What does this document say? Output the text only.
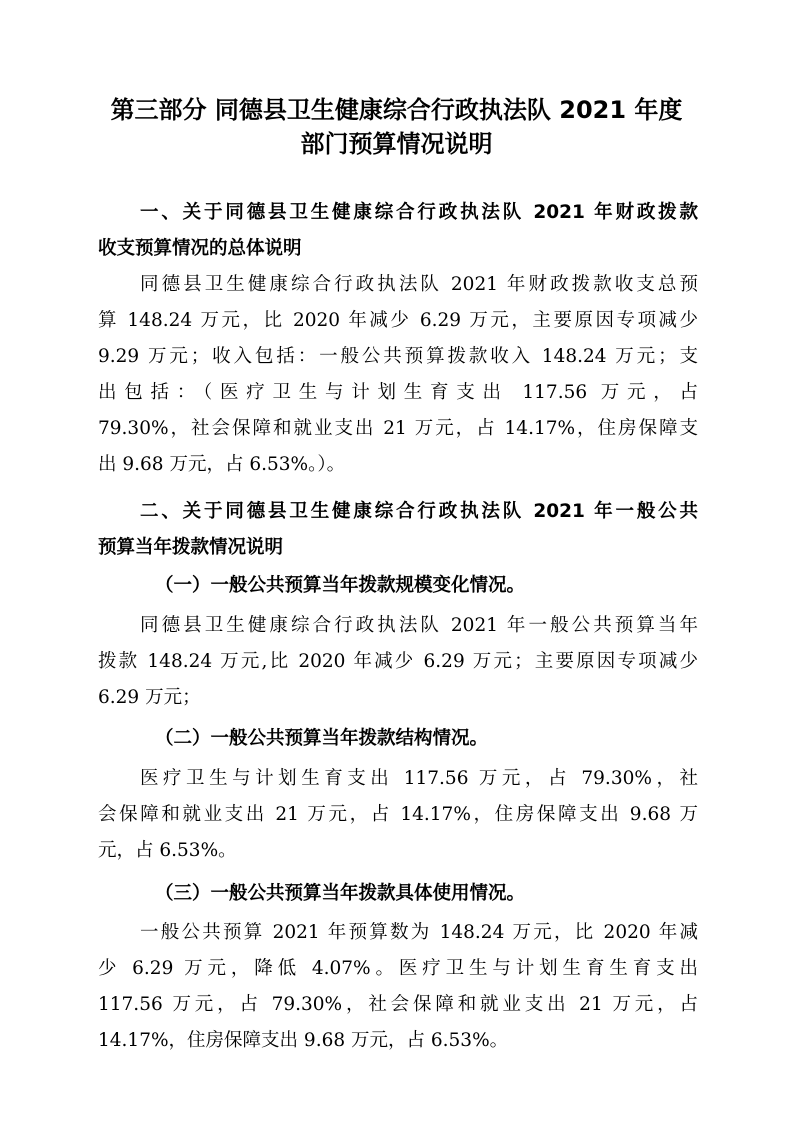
第三部分 同德县卫生健康综合行政执法队 2021 年度
部门预算情况说明
一、关于同德县卫生健康综合行政执法队 2021 年财政拨款
收支预算情况的总体说明
同德县卫生健康综合行政执法队 2021 年财政拨款收支总预
算 148.24 万元，比 2020 年减少 6.29 万元，主要原因专项减少
9.29 万元；收入包括：一般公共预算拨款收入 148.24 万元；支
出包括：（医疗卫生与计划生育支出 117.56 万元，占
79.30%，社会保障和就业支出 21 万元，占 14.17%，住房保障支
出 9.68 万元，占 6.53%。）。
二、关于同德县卫生健康综合行政执法队 2021 年一般公共
预算当年拨款情况说明
（一）一般公共预算当年拨款规模变化情况。
同德县卫生健康综合行政执法队 2021 年一般公共预算当年
拨款 148.24 万元,比 2020 年减少 6.29 万元；主要原因专项减少
6.29 万元；
（二）一般公共预算当年拨款结构情况。
医疗卫生与计划生育支出 117.56 万元，占 79.30%，社
会保障和就业支出 21 万元，占 14.17%，住房保障支出 9.68 万
元，占 6.53%。
（三）一般公共预算当年拨款具体使用情况。
一般公共预算 2021 年预算数为 148.24 万元，比 2020 年减
少 6.29 万元，降低 4.07%。医疗卫生与计划生育生育支出
117.56 万元，占 79.30%，社会保障和就业支出 21 万元，占
14.17%，住房保障支出 9.68 万元，占 6.53%。
